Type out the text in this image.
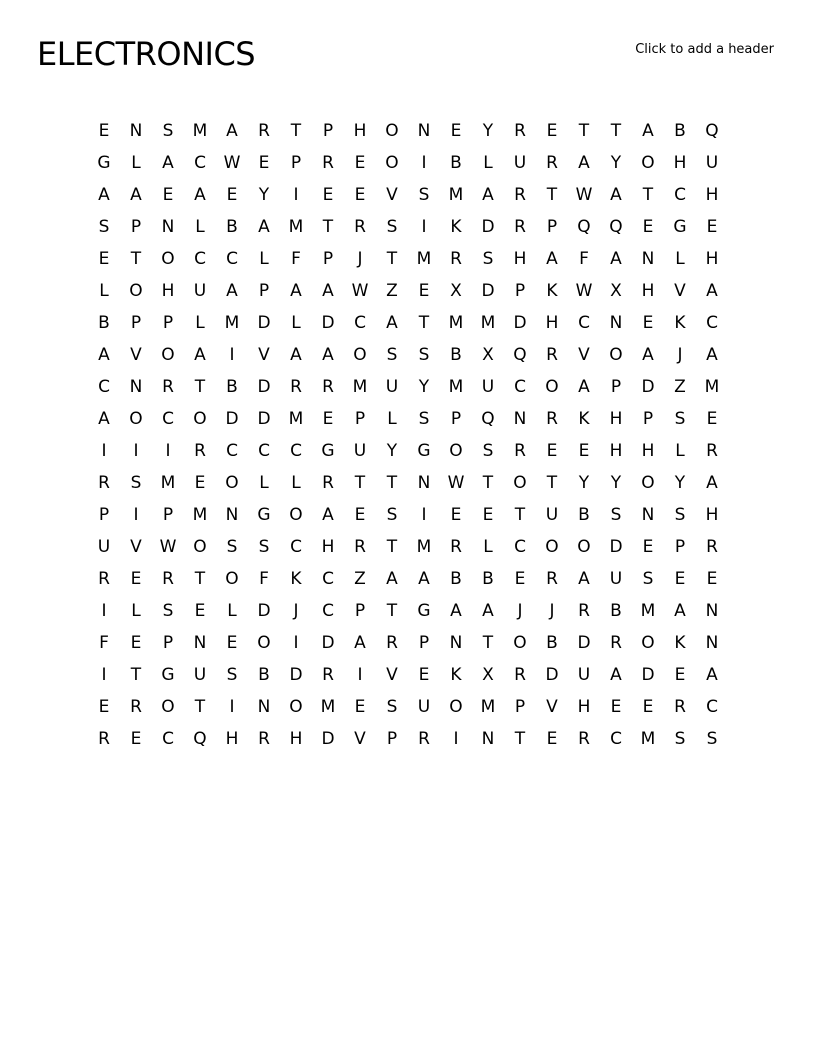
ELECTRONICS	Click to add a header
E	N	S	M	A	R	T	P	H	O	N	E	Y	R	E	T	T	A	B	Q
G	L	A	C	W	E	P	R	E	O	I	B	L	U	R	A	Y	O	H	U
A	A	E	A	E	Y	I	E	E	V	S	M	A	R	T	W	A	T	C	H
S	P	N	L	B	A	M	T	R	S	I	K	D	R	P	Q	Q	E	G	E
E	T	O	C	C	L	F	P	J	T	M	R	S	H	A	F	A	N	L	H
L	O	H	U	A	P	A	A	W	Z	E	X	D	P	K	W	X	H	V	A
B	P	P	L	M	D	L	D	C	A	T	M	M	D	H	C	N	E	K	C
A	V	O	A	I	V	A	A	O	S	S	B	X	Q	R	V	O	A	J	A
C	N	R	T	B	D	R	R	M	U	Y	M	U	C	O	A	P	D	Z	M
A	O	C	O	D	D	M	E	P	L	S	P	Q	N	R	K	H	P	S	E
I	I	I	R	C	C	C	G	U	Y	G	O	S	R	E	E	H	H	L	R
R	S	M	E	O	L	L	R	T	T	N	W	T	O	T	Y	Y	O	Y	A
P	I	P	M	N	G	O	A	E	S	I	E	E	T	U	B	S	N	S	H
U	V	W O	S	S	C	H	R	T	M	R	L	C	O	O	D	E	P	R
R	E	R	T	O	F	K	C	Z	A	A	B	B	E	R	A	U	S	E	E
I	L	S	E	L	D	J	C	P	T	G	A	A	J	J	R	B	M	A	N
F	E	P	N	E	O	I	D	A	R	P	N	T	O	B	D	R	O	K	N
I	T	G	U	S	B	D	R	I	V	E	K	X	R	D	U	A	D	E	A
E	R	O	T	I	N	O	M	E	S	U	O	M	P	V	H	E	E	R	C
R	E	C	Q	H	R	H	D	V	P	R	I	N	T	E	R	C	M	S	S
